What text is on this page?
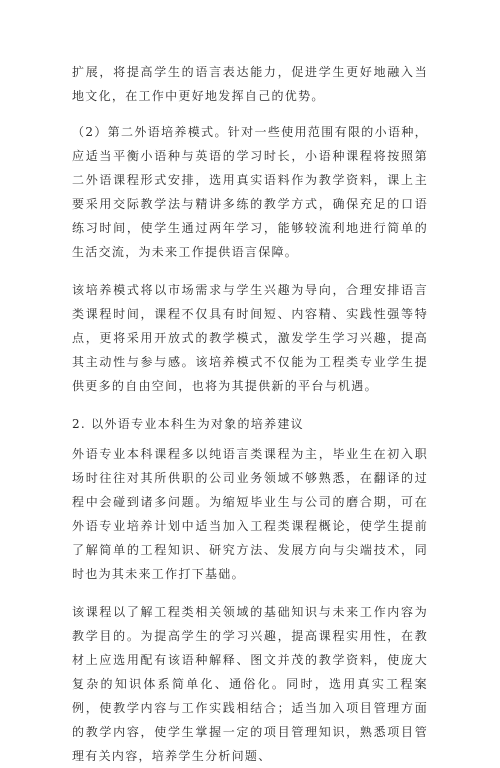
扩展，将提高学生的语言表达能力，促进学生更好地融入当地文化，在工作中更好地发挥自己的优势。

（2）第二外语培养模式。针对一些使用范围有限的小语种，应适当平衡小语种与英语的学习时长，小语种课程将按照第二外语课程形式安排，选用真实语料作为教学资料，课上主要采用交际教学法与精讲多练的教学方式，确保充足的口语练习时间，使学生通过两年学习，能够较流利地进行简单的生活交流，为未来工作提供语言保障。

该培养模式将以市场需求与学生兴趣为导向，合理安排语言类课程时间，课程不仅具有时间短、内容精、实践性强等特点，更将采用开放式的教学模式，激发学生学习兴趣，提高其主动性与参与感。该培养模式不仅能为工程类专业学生提供更多的自由空间，也将为其提供新的平台与机遇。

2. 以外语专业本科生为对象的培养建议

外语专业本科课程多以纯语言类课程为主，毕业生在初入职场时往往对其所供职的公司业务领域不够熟悉，在翻译的过程中会碰到诸多问题。为缩短毕业生与公司的磨合期，可在外语专业培养计划中适当加入工程类课程概论，使学生提前了解简单的工程知识、研究方法、发展方向与尖端技术，同时也为其未来工作打下基础。

该课程以了解工程类相关领域的基础知识与未来工作内容为教学目的。为提高学生的学习兴趣，提高课程实用性，在教材上应选用配有该语种解释、图文并茂的教学资料，使庞大复杂的知识体系简单化、通俗化。同时，选用真实工程案例，使教学内容与工作实践相结合；适当加入项目管理方面的教学内容，使学生掌握一定的项目管理知识，熟悉项目管理有关内容，培养学生分析问题、
